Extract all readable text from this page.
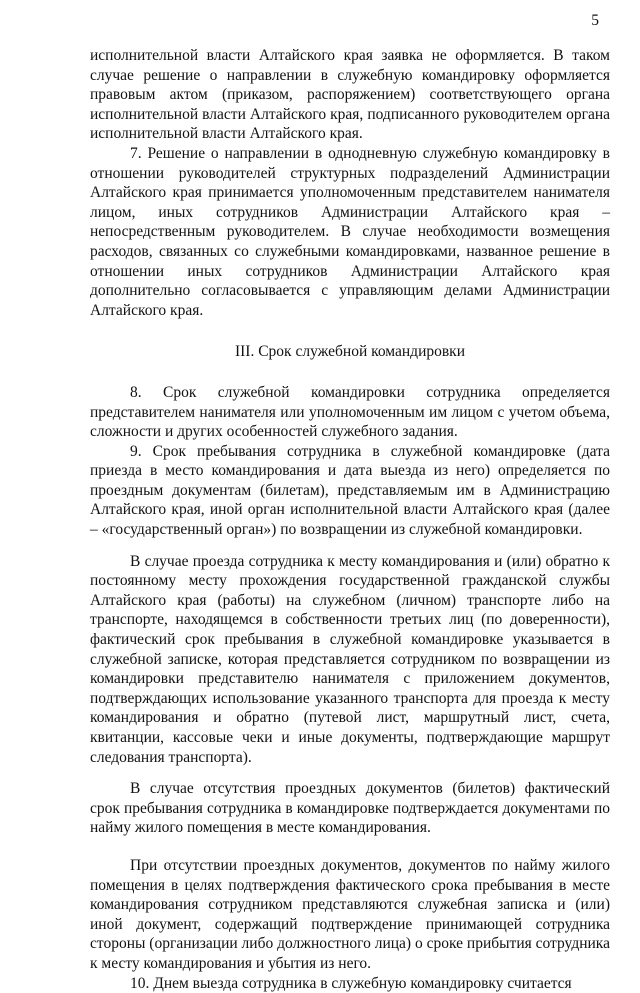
5

исполнительной власти Алтайского края заявка не оформляется. В таком случае решение о направлении в служебную командировку оформляется правовым актом (приказом, распоряжением) соответствующего органа исполнительной власти Алтайского края, подписанного руководителем органа исполнительной власти Алтайского края.

7. Решение о направлении в однодневную служебную командировку в отношении руководителей структурных подразделений Администрации Алтайского края принимается уполномоченным представителем нанимателя лицом, иных сотрудников Администрации Алтайского края – непосредственным руководителем. В случае необходимости возмещения расходов, связанных со служебными командировками, названное решение в отношении иных сотрудников Администрации Алтайского края дополнительно согласовывается с управляющим делами Администрации Алтайского края.

III. Срок служебной командировки

8. Срок служебной командировки сотрудника определяется представителем нанимателя или уполномоченным им лицом с учетом объема, сложности и других особенностей служебного задания.

9. Срок пребывания сотрудника в служебной командировке (дата приезда в место командирования и дата выезда из него) определяется по проездным документам (билетам), представляемым им в Администрацию Алтайского края, иной орган исполнительной власти Алтайского края (далее – «государственный орган») по возвращении из служебной командировки.

В случае проезда сотрудника к месту командирования и (или) обратно к постоянному месту прохождения государственной гражданской службы Алтайского края (работы) на служебном (личном) транспорте либо на транспорте, находящемся в собственности третьих лиц (по доверенности), фактический срок пребывания в служебной командировке указывается в служебной записке, которая представляется сотрудником по возвращении из командировки представителю нанимателя с приложением документов, подтверждающих использование указанного транспорта для проезда к месту командирования и обратно (путевой лист, маршрутный лист, счета, квитанции, кассовые чеки и иные документы, подтверждающие маршрут следования транспорта).

В случае отсутствия проездных документов (билетов) фактический срок пребывания сотрудника в командировке подтверждается документами по найму жилого помещения в месте командирования.

При отсутствии проездных документов, документов по найму жилого помещения в целях подтверждения фактического срока пребывания в месте командирования сотрудником представляются служебная записка и (или) иной документ, содержащий подтверждение принимающей сотрудника стороны (организации либо должностного лица) о сроке прибытия сотрудника к месту командирования и убытия из него.

10. Днем выезда сотрудника в служебную командировку считается
